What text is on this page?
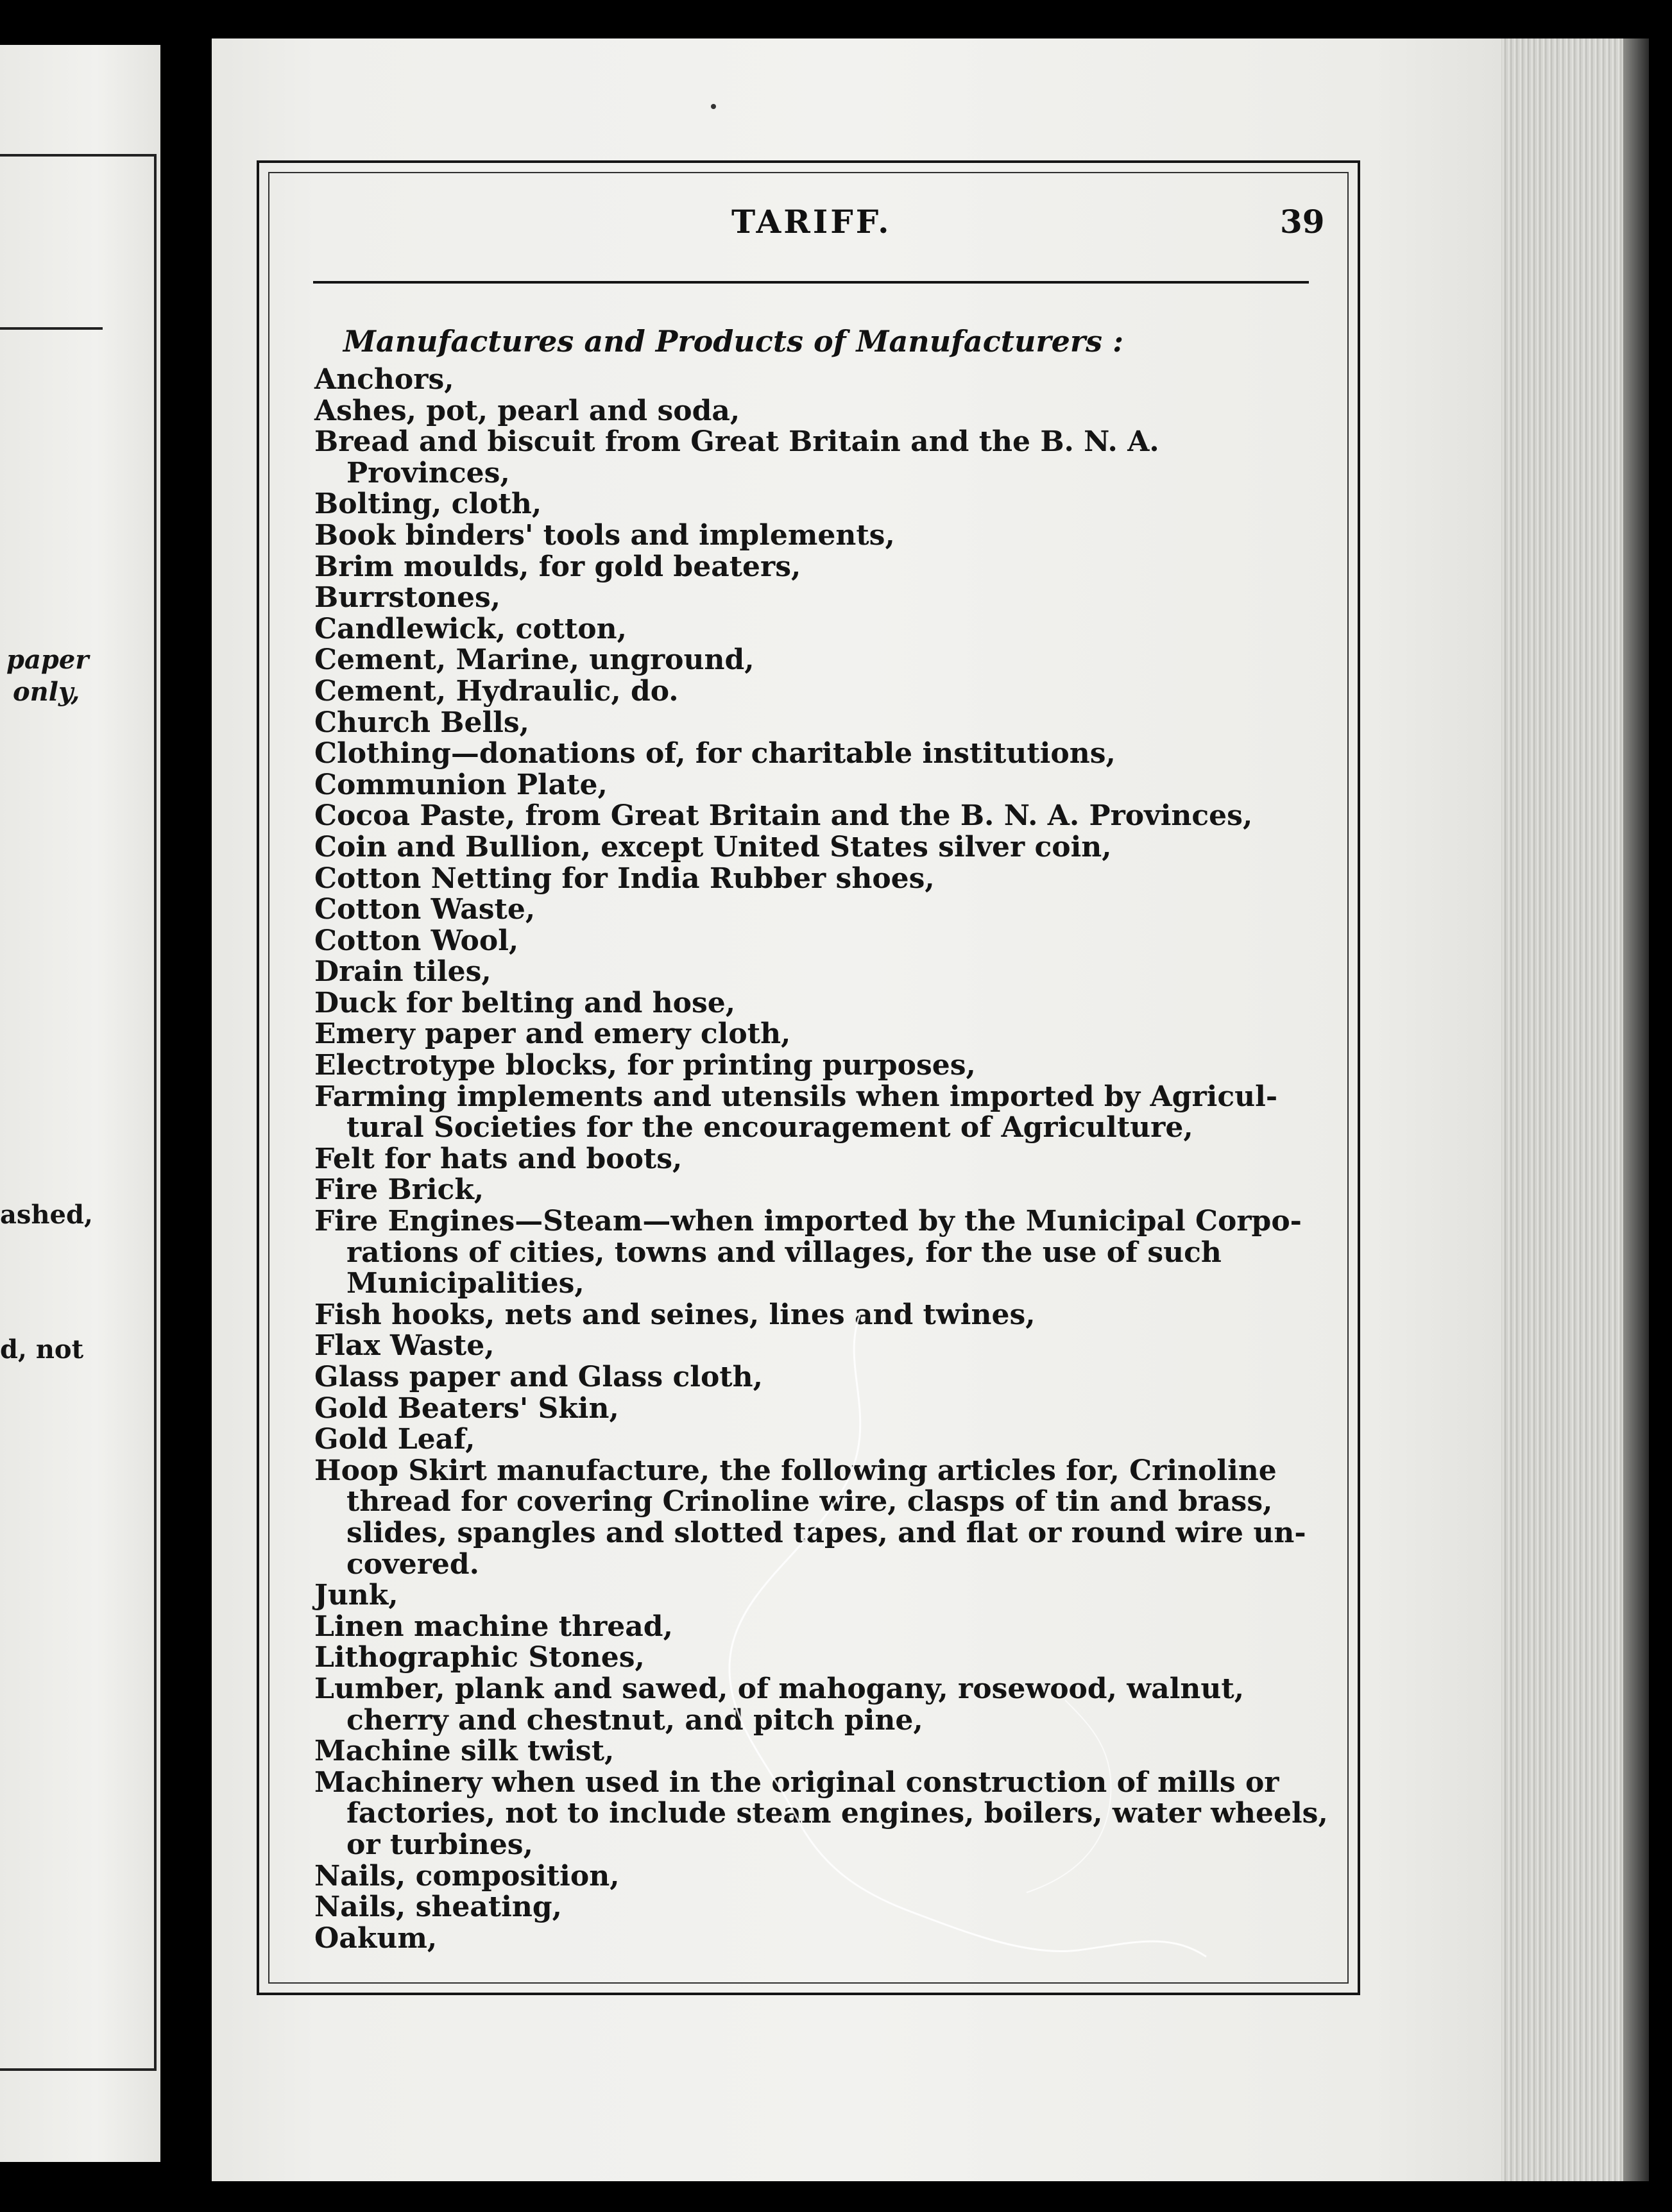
paper
only,
ashed,
d, not
TARIFF.	39
Manufactures and Products of Manufacturers :
Anchors,
Ashes, pot, pearl and soda,
Bread and biscuit from Great Britain and the B. N. A.
Provinces,
Bolting, cloth,
Book binders' tools and implements,
Brim moulds, for gold beaters,
Burrstones,
Candlewick, cotton,
Cement, Marine, unground,
Cement, Hydraulic, do.
Church Bells,
Clothing—donations of, for charitable institutions,
Communion Plate,
Cocoa Paste, from Great Britain and the B. N. A. Provinces,
Coin and Bullion, except United States silver coin,
Cotton Netting for India Rubber shoes,
Cotton Waste,
Cotton Wool,
Drain tiles,
Duck for belting and hose,
Emery paper and emery cloth,
Electrotype blocks, for printing purposes,
Farming implements and utensils when imported by Agricul-
tural Societies for the encouragement of Agriculture,
Felt for hats and boots,
Fire Brick,
Fire Engines—Steam—when imported by the Municipal Corpo-
rations of cities, towns and villages, for the use of such
Municipalities,
Fish hooks, nets and seines, lines and twines,
Flax Waste,
Glass paper and Glass cloth,
Gold Beaters' Skin,
Gold Leaf,
Hoop Skirt manufacture, the following articles for, Crinoline
thread for covering Crinoline wire, clasps of tin and brass,
slides, spangles and slotted tapes, and flat or round wire un-
covered.
Junk,
Linen machine thread,
Lithographic Stones,
Lumber, plank and sawed, of mahogany, rosewood, walnut,
cherry and chestnut, and pitch pine,
Machine silk twist,
Machinery when used in the original construction of mills or
factories, not to include steam engines, boilers, water wheels,
or turbines,
Nails, composition,
Nails, sheating,
Oakum,
